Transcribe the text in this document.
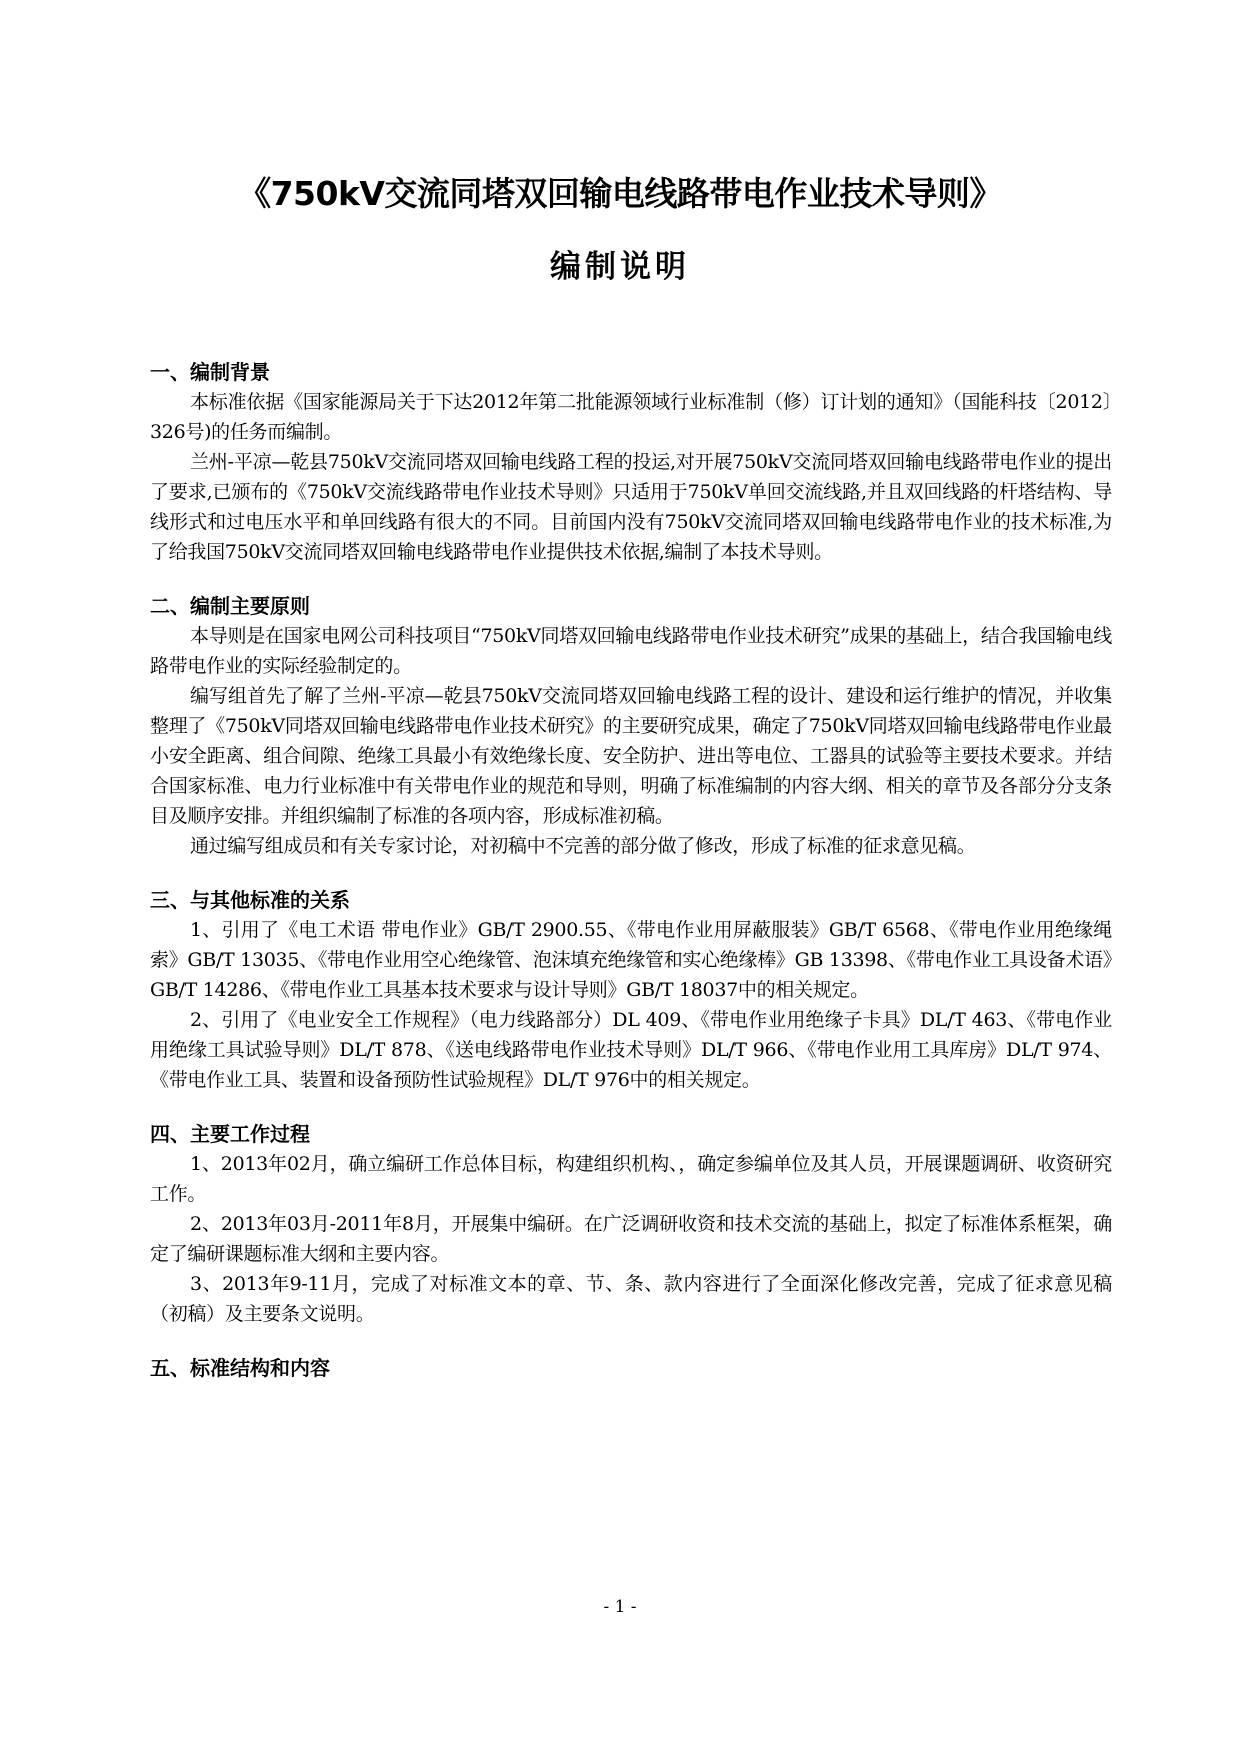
《750kV交流同塔双回输电线路带电作业技术导则》
编制说明
一、编制背景

本标准依据《国家能源局关于下达2012年第二批能源领域行业标准制（修）订计划的通知》（国能科技〔2012〕326号)的任务而编制。

兰州-平凉—乾县750kV交流同塔双回输电线路工程的投运,对开展750kV交流同塔双回输电线路带电作业的提出了要求,已颁布的《750kV交流线路带电作业技术导则》只适用于750kV单回交流线路,并且双回线路的杆塔结构、导线形式和过电压水平和单回线路有很大的不同。目前国内没有750kV交流同塔双回输电线路带电作业的技术标准,为了给我国750kV交流同塔双回输电线路带电作业提供技术依据,编制了本技术导则。

二、编制主要原则

本导则是在国家电网公司科技项目“750kV同塔双回输电线路带电作业技术研究”成果的基础上，结合我国输电线路带电作业的实际经验制定的。

编写组首先了解了兰州-平凉—乾县750kV交流同塔双回输电线路工程的设计、建设和运行维护的情况，并收集整理了《750kV同塔双回输电线路带电作业技术研究》的主要研究成果，确定了750kV同塔双回输电线路带电作业最小安全距离、组合间隙、绝缘工具最小有效绝缘长度、安全防护、进出等电位、工器具的试验等主要技术要求。并结合国家标准、电力行业标准中有关带电作业的规范和导则，明确了标准编制的内容大纲、相关的章节及各部分分支条目及顺序安排。并组织编制了标准的各项内容，形成标准初稿。

通过编写组成员和有关专家讨论，对初稿中不完善的部分做了修改，形成了标准的征求意见稿。

三、与其他标准的关系

1、引用了《电工术语 带电作业》GB/T 2900.55、《带电作业用屏蔽服装》GB/T 6568、《带电作业用绝缘绳索》GB/T 13035、《带电作业用空心绝缘管、泡沫填充绝缘管和实心绝缘棒》GB 13398、《带电作业工具设备术语》GB/T 14286、《带电作业工具基本技术要求与设计导则》GB/T 18037中的相关规定。

2、引用了《电业安全工作规程》（电力线路部分）DL 409、《带电作业用绝缘子卡具》DL/T 463、《带电作业用绝缘工具试验导则》DL/T 878、《送电线路带电作业技术导则》DL/T 966、《带电作业用工具库房》DL/T 974、《带电作业工具、装置和设备预防性试验规程》DL/T 976中的相关规定。

四、主要工作过程

1、2013年02月，确立编研工作总体目标，构建组织机构、，确定参编单位及其人员，开展课题调研、收资研究工作。

2、2013年03月-2011年8月，开展集中编研。在广泛调研收资和技术交流的基础上，拟定了标准体系框架，确定了编研课题标准大纲和主要内容。

3、2013年9-11月，完成了对标准文本的章、节、条、款内容进行了全面深化修改完善，完成了征求意见稿（初稿）及主要条文说明。

五、标准结构和内容
- 1 -
